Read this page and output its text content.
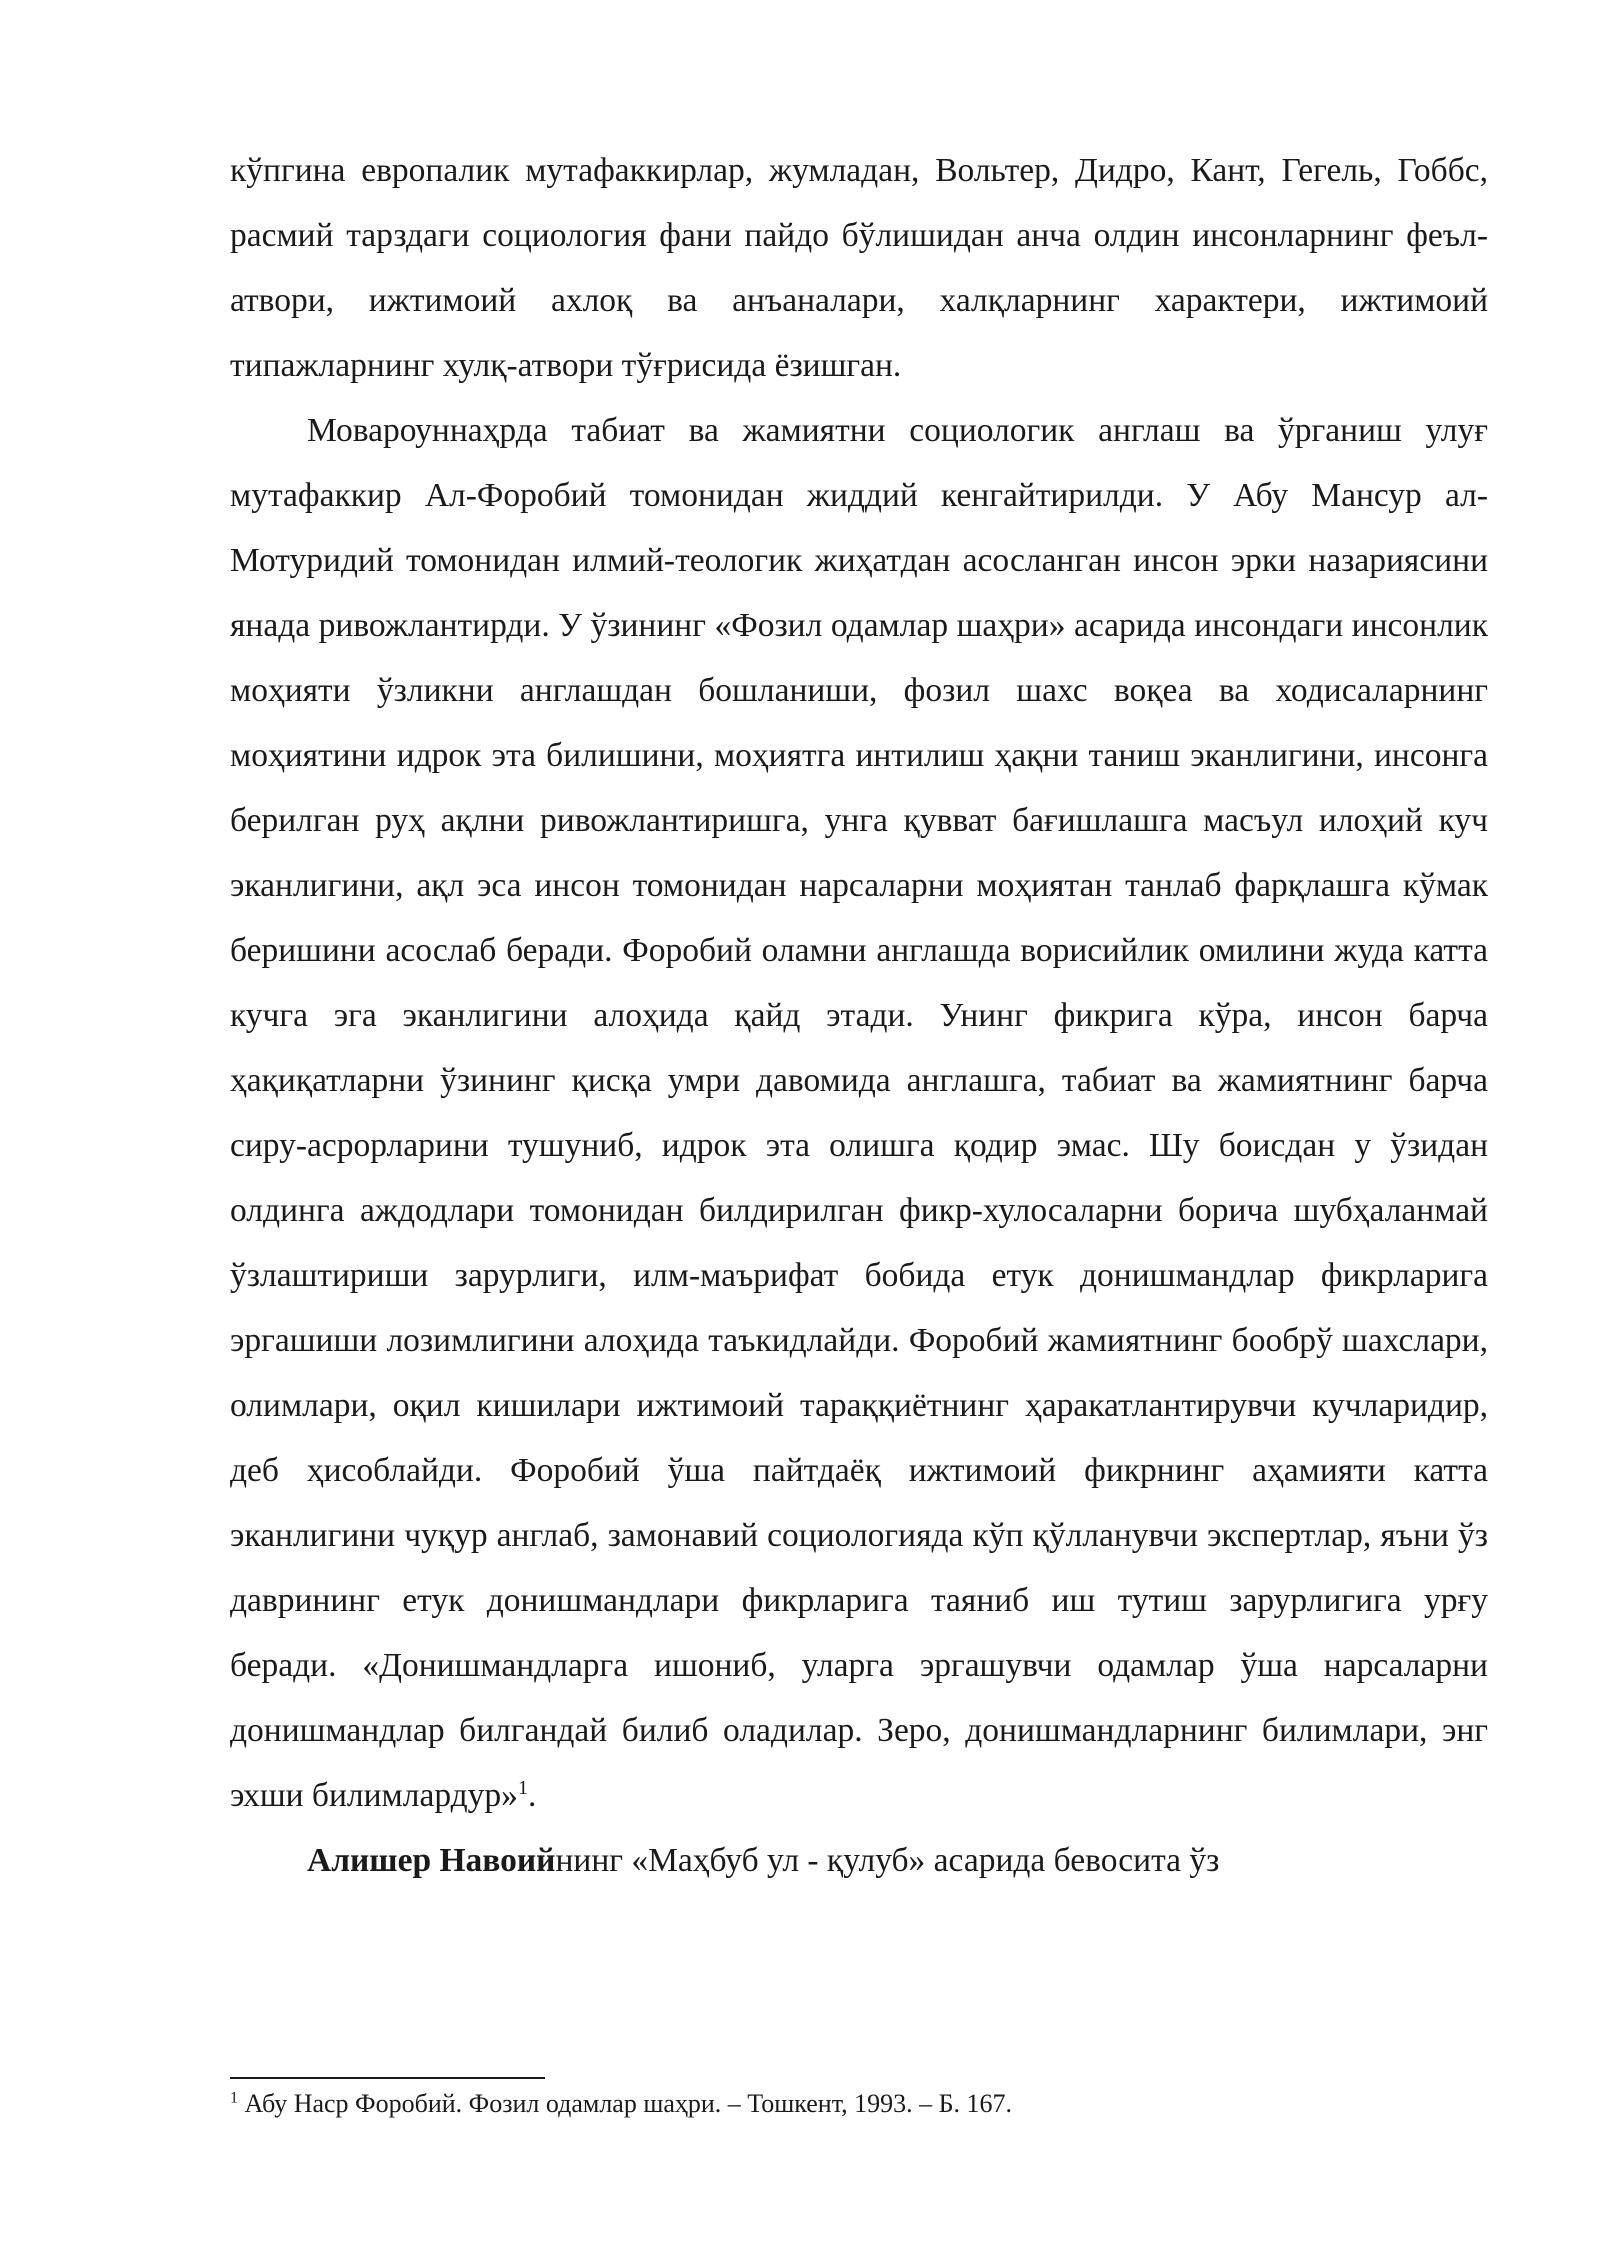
кўпгина европалик мутафаккирлар, жумладан, Вольтер, Дидро, Кант, Гегель, Гоббс, расмий тарздаги социология фани пайдо бўлишидан анча олдин инсонларнинг феъл-атвори, ижтимоий ахлоқ ва анъаналари, халқларнинг характери, ижтимоий типажларнинг хулқ-атвори тўғрисида ёзишган.

Мовароуннаҳрда табиат ва жамиятни социологик англаш ва ўрганиш улуғ мутафаккир Ал-Форобий томонидан жиддий кенгайтирилди. У Абу Мансур ал-Мотуридий томонидан илмий-теологик жиҳатдан асосланган инсон эрки назариясини янада ривожлантирди. У ўзининг «Фозил одамлар шаҳри» асарида инсондаги инсонлик моҳияти ўзликни англашдан бошланиши, фозил шахс воқеа ва ходисаларнинг моҳиятини идрок эта билишини, моҳиятга интилиш ҳақни таниш эканлигини, инсонга берилган руҳ ақлни ривожлантиришга, унга қувват бағишлашга масъул илоҳий куч эканлигини, ақл эса инсон томонидан нарсаларни моҳиятан танлаб фарқлашга кўмак беришини асослаб беради. Форобий оламни англашда ворисийлик омилини жуда катта кучга эга эканлигини алоҳида қайд этади. Унинг фикрига кўра, инсон барча ҳақиқатларни ўзининг қисқа умри давомида англашга, табиат ва жамиятнинг барча сиру-асрорларини тушуниб, идрок эта олишга қодир эмас. Шу боисдан у ўзидан олдинга аждодлари томонидан билдирилган фикр-хулосаларни борича шубҳаланмай ўзлаштириши зарурлиги, илм-маърифат бобида етук донишмандлар фикрларига эргашиши лозимлигини алоҳида таъкидлайди. Форобий жамиятнинг бообрў шахслари, олимлари, оқил кишилари ижтимоий тараққиётнинг ҳаракатлантирувчи кучларидир, деб ҳисоблайди. Форобий ўша пайтдаёқ ижтимоий фикрнинг аҳамияти катта эканлигини чуқур англаб, замонавий социологияда кўп қўлланувчи экспертлар, яъни ўз даврининг етук донишмандлари фикрларига таяниб иш тутиш зарурлигига урғу беради. «Донишмандларга ишониб, уларга эргашувчи одамлар ўша нарсаларни донишмандлар билгандай билиб оладилар. Зеро, донишмандларнинг билимлари, энг эхши билимлардур»$^1$.

Алишер Навоийнинг «Маҳбуб ул - қулуб» асарида бевосита ўз

$^1$ Абу Наср Форобий. Фозил одамлар шаҳри. – Тошкент, 1993. – Б. 167.
